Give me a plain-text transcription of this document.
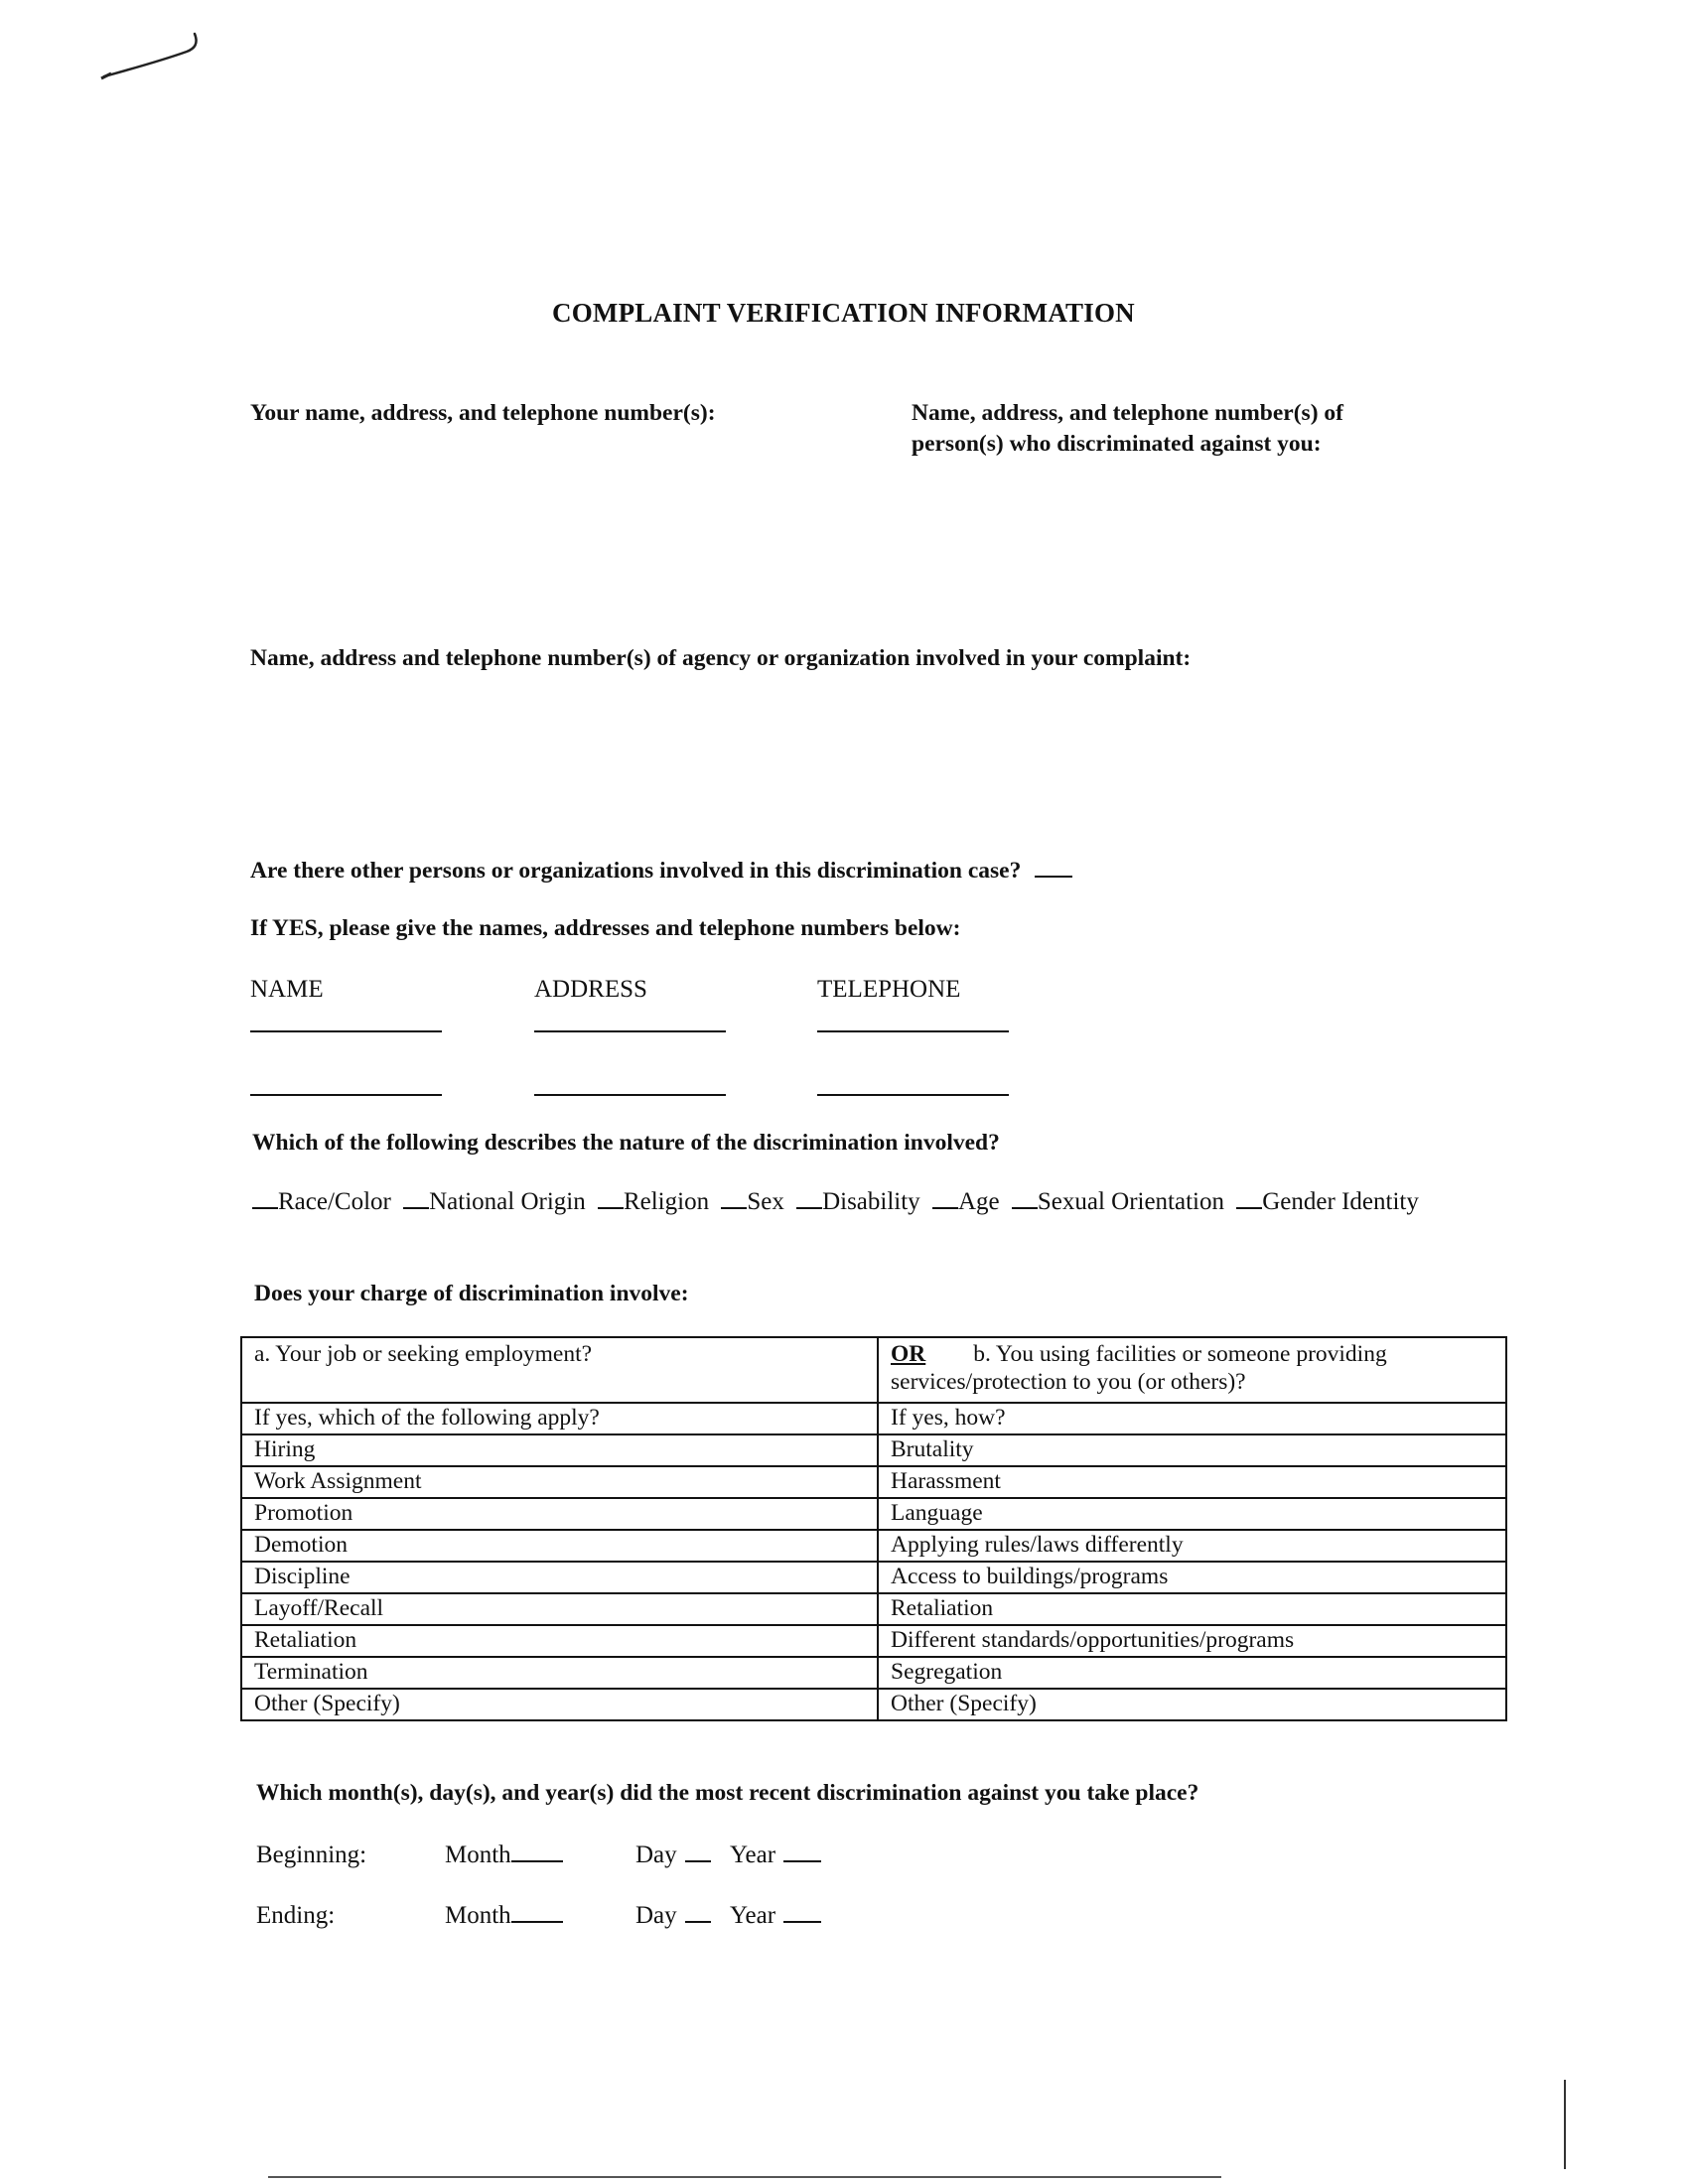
COMPLAINT VERIFICATION INFORMATION
Your name, address, and telephone number(s):	Name, address, and telephone number(s) of
person(s) who discriminated against you:
Name, address and telephone number(s) of agency or organization involved in your complaint:
Are there other persons or organizations involved in this discrimination case?
If YES, please give the names, addresses and telephone numbers below:
NAME	ADDRESS	TELEPHONE
Which of the following describes the nature of the discrimination involved?
Race/Color National Origin Religion Sex Disability Age Sexual Orientation Gender Identity
Does your charge of discrimination involve:
a. Your job or seeking employment?	OR b. You using facilities or someone providing
services/protection to you (or others)?
If yes, which of the following apply?	If yes, how?
Hiring	Brutality
Work Assignment	Harassment
Promotion	Language
Demotion	Applying rules/laws differently
Discipline	Access to buildings/programs
Layoff/Recall	Retaliation
Retaliation	Different standards/opportunities/programs
Termination	Segregation
Other (Specify)	Other (Specify)
Which month(s), day(s), and year(s) did the most recent discrimination against you take place?
Beginning:	Month	Day	Year
Ending:	Month	Day	Year
